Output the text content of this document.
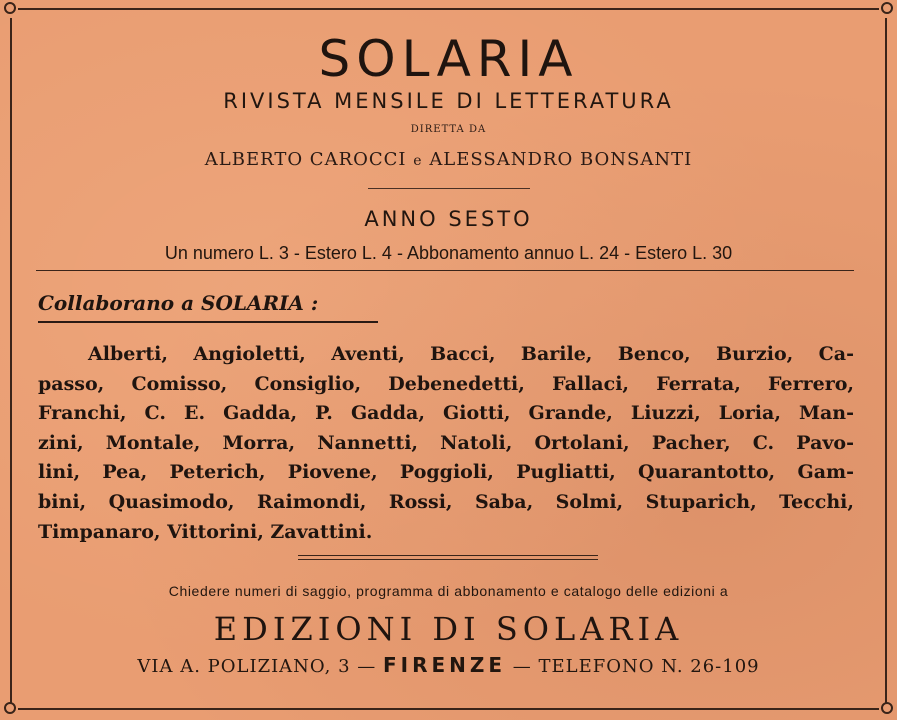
SOLARIA
RIVISTA MENSILE DI LETTERATURA
DIRETTA DA
ALBERTO CAROCCI e ALESSANDRO BONSANTI
ANNO SESTO
Un numero L. 3 - Estero L. 4 - Abbonamento annuo L. 24 - Estero L. 30
Collaborano a SOLARIA :
Alberti, Angioletti, Aventi, Bacci, Barile, Benco, Burzio, Ca-
passo, Comisso, Consiglio, Debenedetti, Fallaci, Ferrata, Ferrero,
Franchi, C. E. Gadda, P. Gadda, Giotti, Grande, Liuzzi, Loria, Man-
zini, Montale, Morra, Nannetti, Natoli, Ortolani, Pacher, C. Pavo-
lini, Pea, Peterich, Piovene, Poggioli, Pugliatti, Quarantotto, Gam-
bini, Quasimodo, Raimondi, Rossi, Saba, Solmi, Stuparich, Tecchi,
Timpanaro, Vittorini, Zavattini.
Chiedere numeri di saggio, programma di abbonamento e catalogo delle edizioni a
EDIZIONI DI SOLARIA
VIA A. POLIZIANO, 3 — FIRENZE — TELEFONO N. 26-109
